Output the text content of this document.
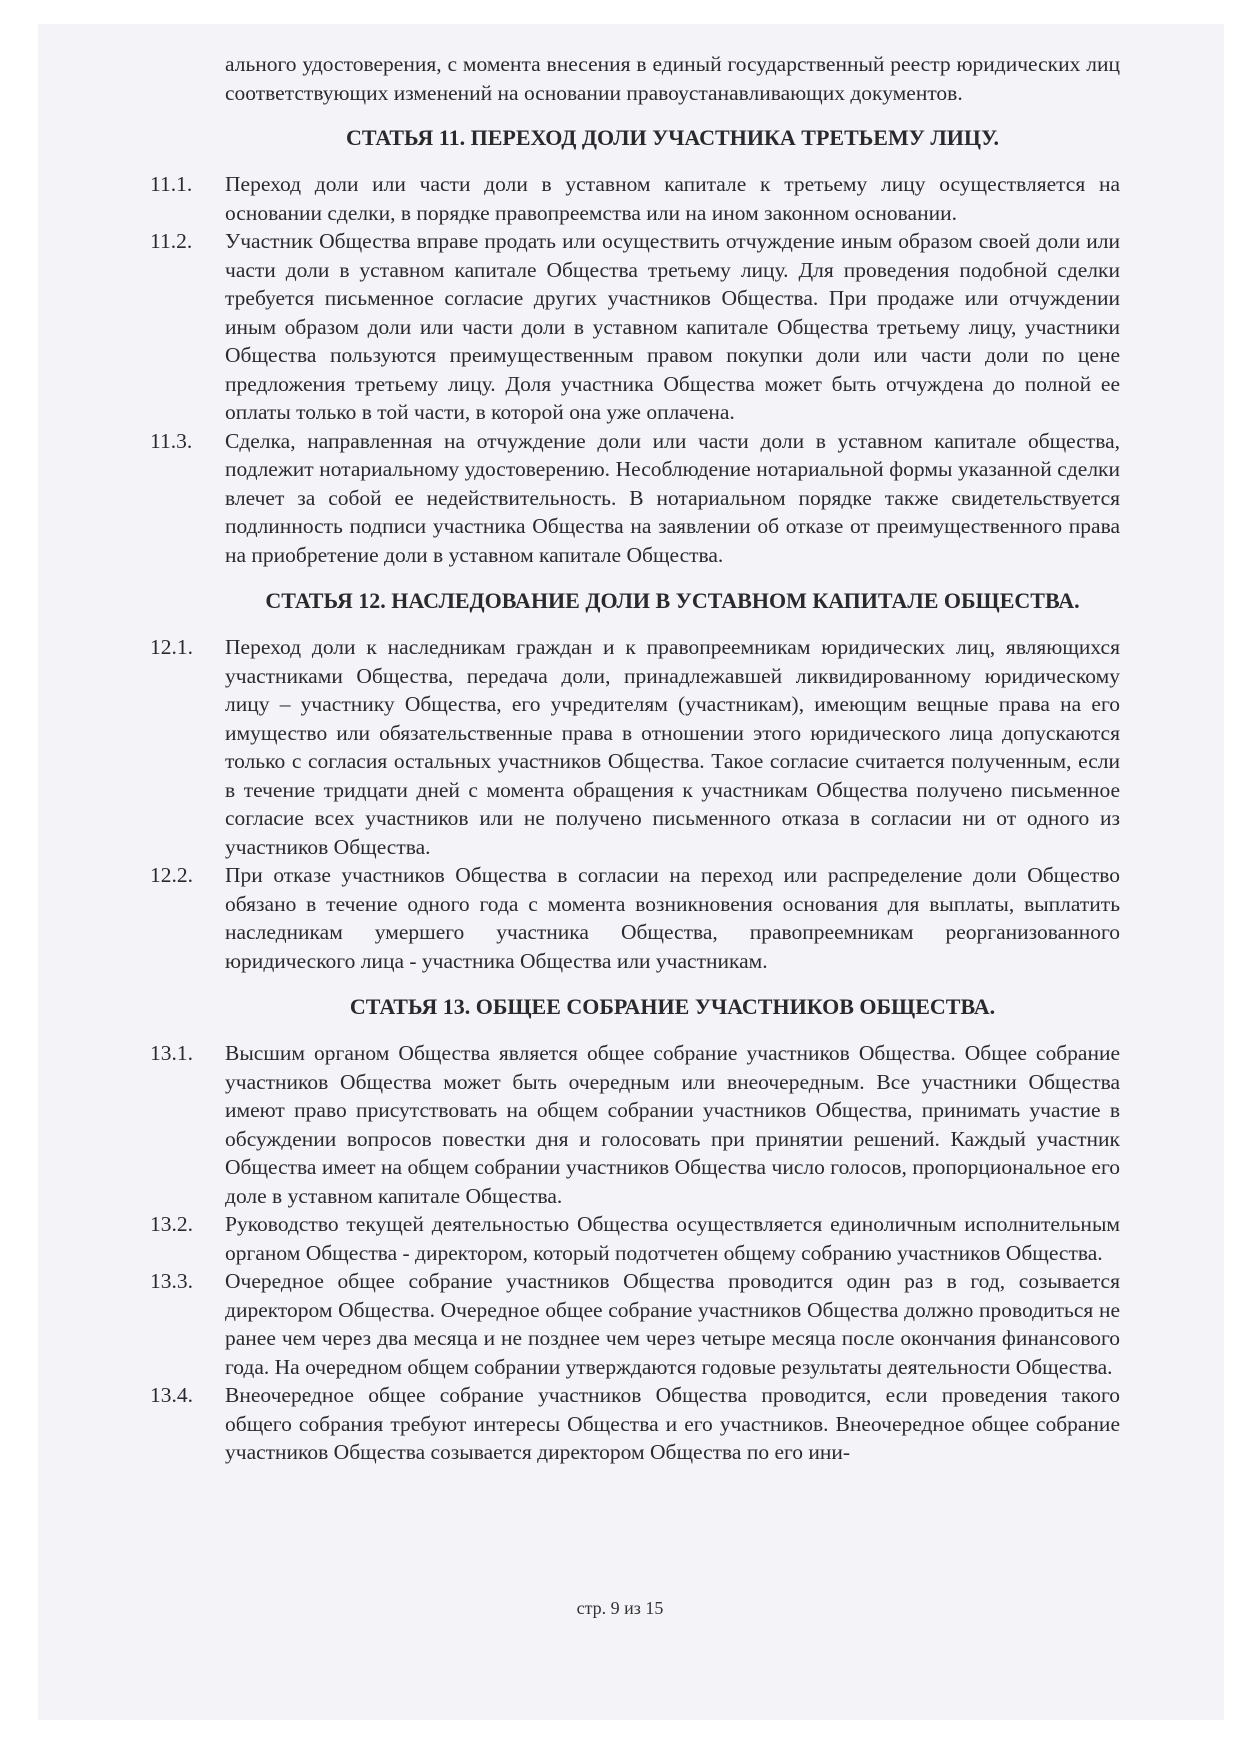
ального удостоверения, с момента внесения в единый государственный реестр юридических лиц соответствующих изменений на основании правоустанавливающих документов.

СТАТЬЯ 11. ПЕРЕХОД ДОЛИ УЧАСТНИКА ТРЕТЬЕМУ ЛИЦУ.
11.1.	Переход доли или части доли в уставном капитале к третьему лицу осуществляется на основании сделки, в порядке правопреемства или на ином законном основании.

11.2.	Участник Общества вправе продать или осуществить отчуждение иным образом своей доли или части доли в уставном капитале Общества третьему лицу. Для проведения подобной сделки требуется письменное согласие других участников Общества. При продаже или отчуждении иным образом доли или части доли в уставном капитале Общества третьему лицу, участники Общества пользуются преимущественным правом покупки доли или части доли по цене предложения третьему лицу. Доля участника Общества может быть отчуждена до полной ее оплаты только в той части, в которой она уже оплачена.

11.3.	Сделка, направленная на отчуждение доли или части доли в уставном капитале общества, подлежит нотариальному удостоверению. Несоблюдение нотариальной формы указанной сделки влечет за собой ее недействительность. В нотариальном порядке также свидетельствуется подлинность подписи участника Общества на заявлении об отказе от преимущественного права на приобретение доли в уставном капитале Общества.

СТАТЬЯ 12. НАСЛЕДОВАНИЕ ДОЛИ В УСТАВНОМ КАПИТАЛЕ ОБЩЕСТВА.
12.1.	Переход доли к наследникам граждан и к правопреемникам юридических лиц, являющихся участниками Общества, передача доли, принадлежавшей ликвидированному юридическому лицу – участнику Общества, его учредителям (участникам), имеющим вещные права на его имущество или обязательственные права в отношении этого юридического лица допускаются только с согласия остальных участников Общества. Такое согласие считается полученным, если в течение тридцати дней с момента обращения к участникам Общества получено письменное согласие всех участников или не получено письменного отказа в согласии ни от одного из участников Общества.

12.2.	При отказе участников Общества в согласии на переход или распределение доли Общество обязано в течение одного года с момента возникновения основания для выплаты, выплатить наследникам умершего участника Общества, правопреемникам реорганизованного юридического лица - участника Общества или участникам.

СТАТЬЯ 13. ОБЩЕЕ СОБРАНИЕ УЧАСТНИКОВ ОБЩЕСТВА.
13.1.	Высшим органом Общества является общее собрание участников Общества. Общее собрание участников Общества может быть очередным или внеочередным. Все участники Общества имеют право присутствовать на общем собрании участников Общества, принимать участие в обсуждении вопросов повестки дня и голосовать при принятии решений. Каждый участник Общества имеет на общем собрании участников Общества число голосов, пропорциональное его доле в уставном капитале Общества.

13.2.	Руководство текущей деятельностью Общества осуществляется единоличным исполнительным органом Общества - директором, который подотчетен общему собранию участников Общества.

13.3.	Очередное общее собрание участников Общества проводится один раз в год, созывается директором Общества. Очередное общее собрание участников Общества должно проводиться не ранее чем через два месяца и не позднее чем через четыре месяца после окончания финансового года. На очередном общем собрании утверждаются годовые результаты деятельности Общества.

13.4.	Внеочередное общее собрание участников Общества проводится, если проведения такого общего собрания требуют интересы Общества и его участников. Внеочередное общее собрание участников Общества созывается директором Общества по его ини-

стр. 9 из 15
